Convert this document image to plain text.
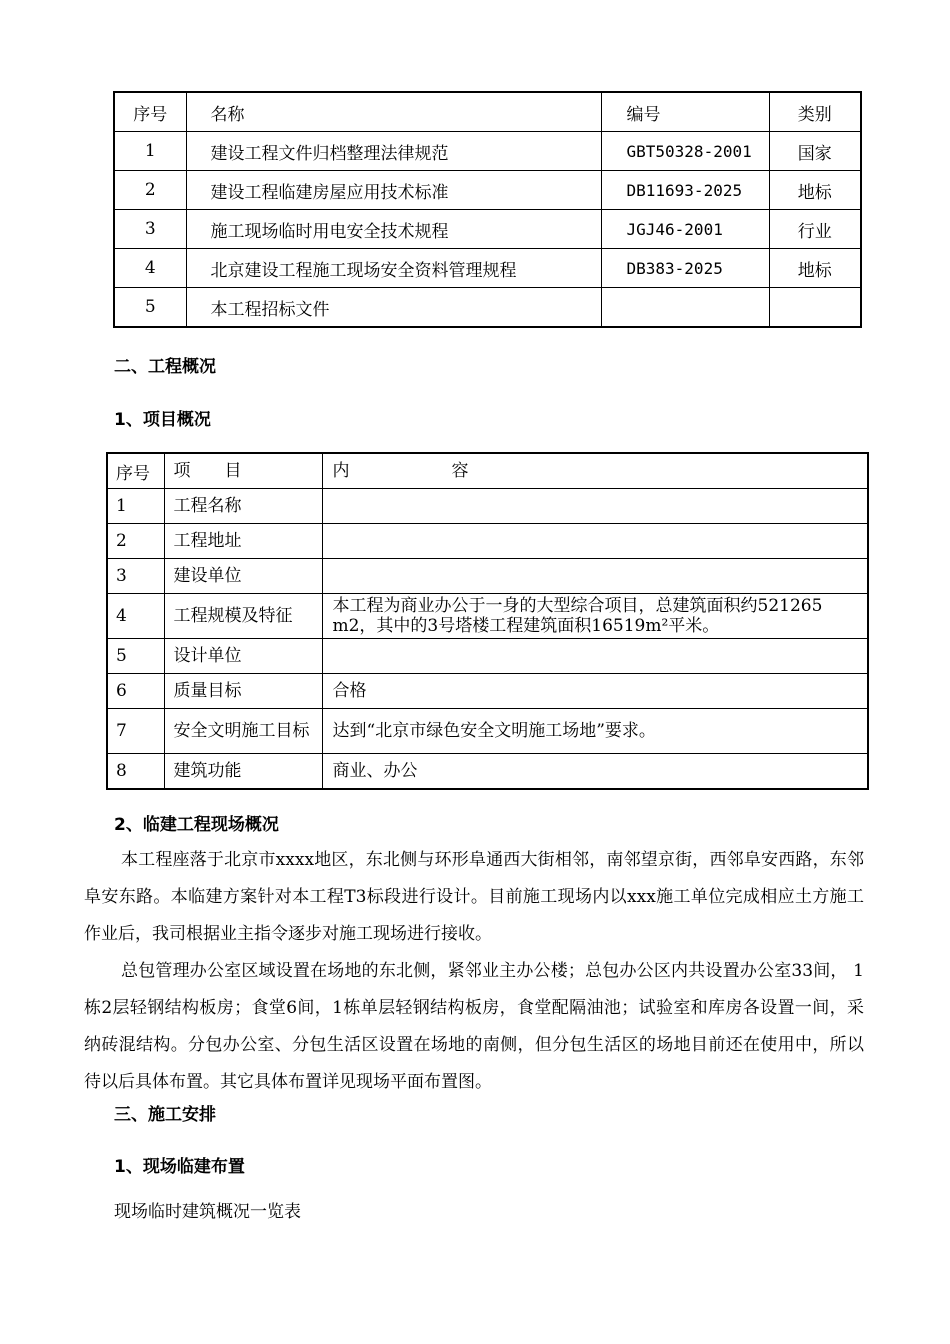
序号	名称	编号	类别
1	建设工程文件归档整理法律规范	GBT50328-2001	国家
2	建设工程临建房屋应用技术标准	DB11693-2025	地标
3	施工现场临时用电安全技术规程	JGJ46-2001	行业
4	北京建设工程施工现场安全资料管理规程	DB383-2025	地标
5	本工程招标文件		
二、工程概况
1、项目概况
序号	项　　目	内　　　　　　容
1	工程名称	
2	工程地址	
3	建设单位	
4	工程规模及特征	本工程为商业办公于一身的大型综合项目，总建筑面积约521265 m2，其中的3号塔楼工程建筑面积16519m²平米。
5	设计单位	
6	质量目标	合格
7	安全文明施工目标	达到“北京市绿色安全文明施工场地”要求。
8	建筑功能	商业、办公
2、临建工程现场概况

本工程座落于北京市xxxx地区，东北侧与环形阜通西大街相邻，南邻望京街，西邻阜安西路，东邻阜安东路。本临建方案针对本工程T3标段进行设计。目前施工现场内以xxx施工单位完成相应土方施工作业后，我司根据业主指令逐步对施工现场进行接收。

总包管理办公室区域设置在场地的东北侧，紧邻业主办公楼；总包办公区内共设置办公室33间， 1栋2层轻钢结构板房；食堂6间，1栋单层轻钢结构板房，食堂配隔油池；试验室和库房各设置一间，采纳砖混结构。分包办公室、分包生活区设置在场地的南侧，但分包生活区的场地目前还在使用中，所以待以后具体布置。其它具体布置详见现场平面布置图。

三、施工安排
1、现场临建布置
现场临时建筑概况一览表
